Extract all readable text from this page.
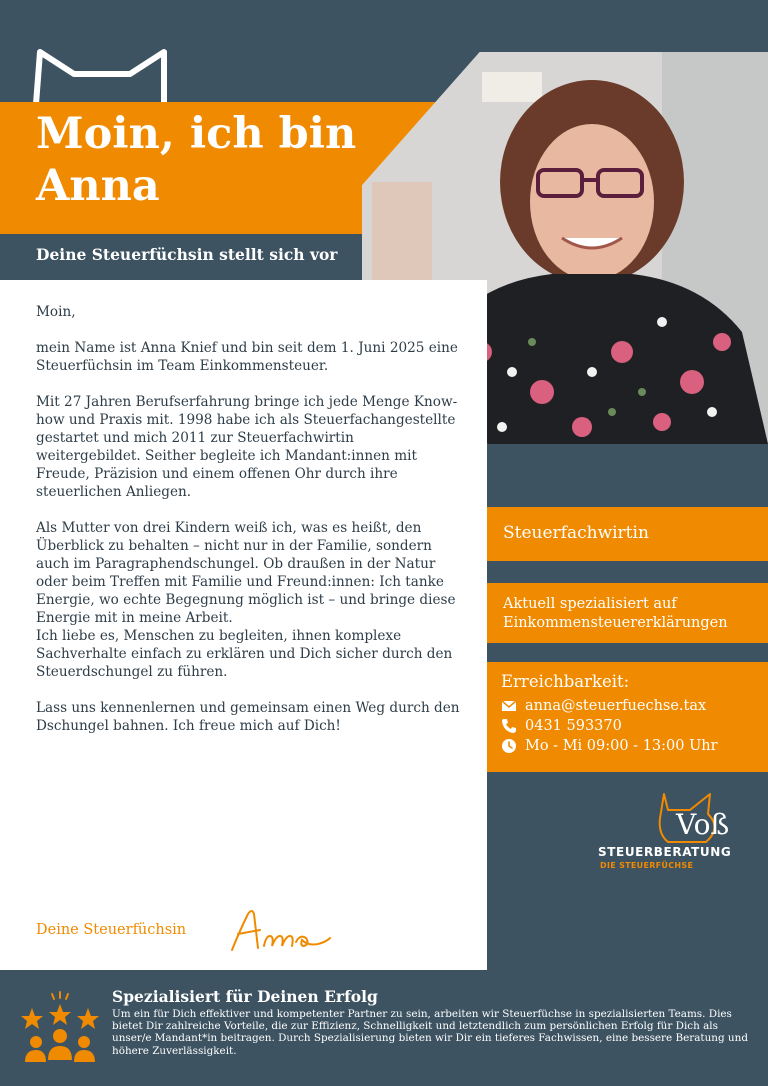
Moin, ich bin Anna
Deine Steuerfüchsin stellt sich vor

Moin,

mein Name ist Anna Knief und bin seit dem 1. Juni 2025 eine Steuerfüchsin im Team Einkommensteuer.

Mit 27 Jahren Berufserfahrung bringe ich jede Menge Know-how und Praxis mit. 1998 habe ich als Steuerfachangestellte gestartet und mich 2011 zur Steuerfachwirtin weitergebildet. Seither begleite ich Mandant:innen mit Freude, Präzision und einem offenen Ohr durch ihre steuerlichen Anliegen.

Als Mutter von drei Kindern weiß ich, was es heißt, den Überblick zu behalten – nicht nur in der Familie, sondern auch im Paragraphendschungel. Ob draußen in der Natur oder beim Treffen mit Familie und Freund:innen: Ich tanke Energie, wo echte Begegnung möglich ist – und bringe diese Energie mit in meine Arbeit.

Ich liebe es, Menschen zu begleiten, ihnen komplexe Sachverhalte einfach zu erklären und Dich sicher durch den Steuerdschungel zu führen.

Lass uns kennenlernen und gemeinsam einen Weg durch den Dschungel bahnen. Ich freue mich auf Dich!

Deine Steuerfüchsin
Steuerfachwirtin
Aktuell spezialisiert auf Einkommensteuererklärungen
Erreichbarkeit:
anna@steuerfuechse.tax
0431 593370
Mo - Mi 09:00 - 13:00 Uhr
Voß
STEUERBERATUNG
DIE STEUERFÜCHSE
Spezialisiert für Deinen Erfolg
Um ein für Dich effektiver und kompetenter Partner zu sein, arbeiten wir Steuerfüchse in spezialisierten Teams. Dies bietet Dir zahlreiche Vorteile, die zur Effizienz, Schnelligkeit und letztendlich zum persönlichen Erfolg für Dich als unser/e Mandant*in beitragen. Durch Spezialisierung bieten wir Dir ein tieferes Fachwissen, eine bessere Beratung und höhere Zuverlässigkeit.
